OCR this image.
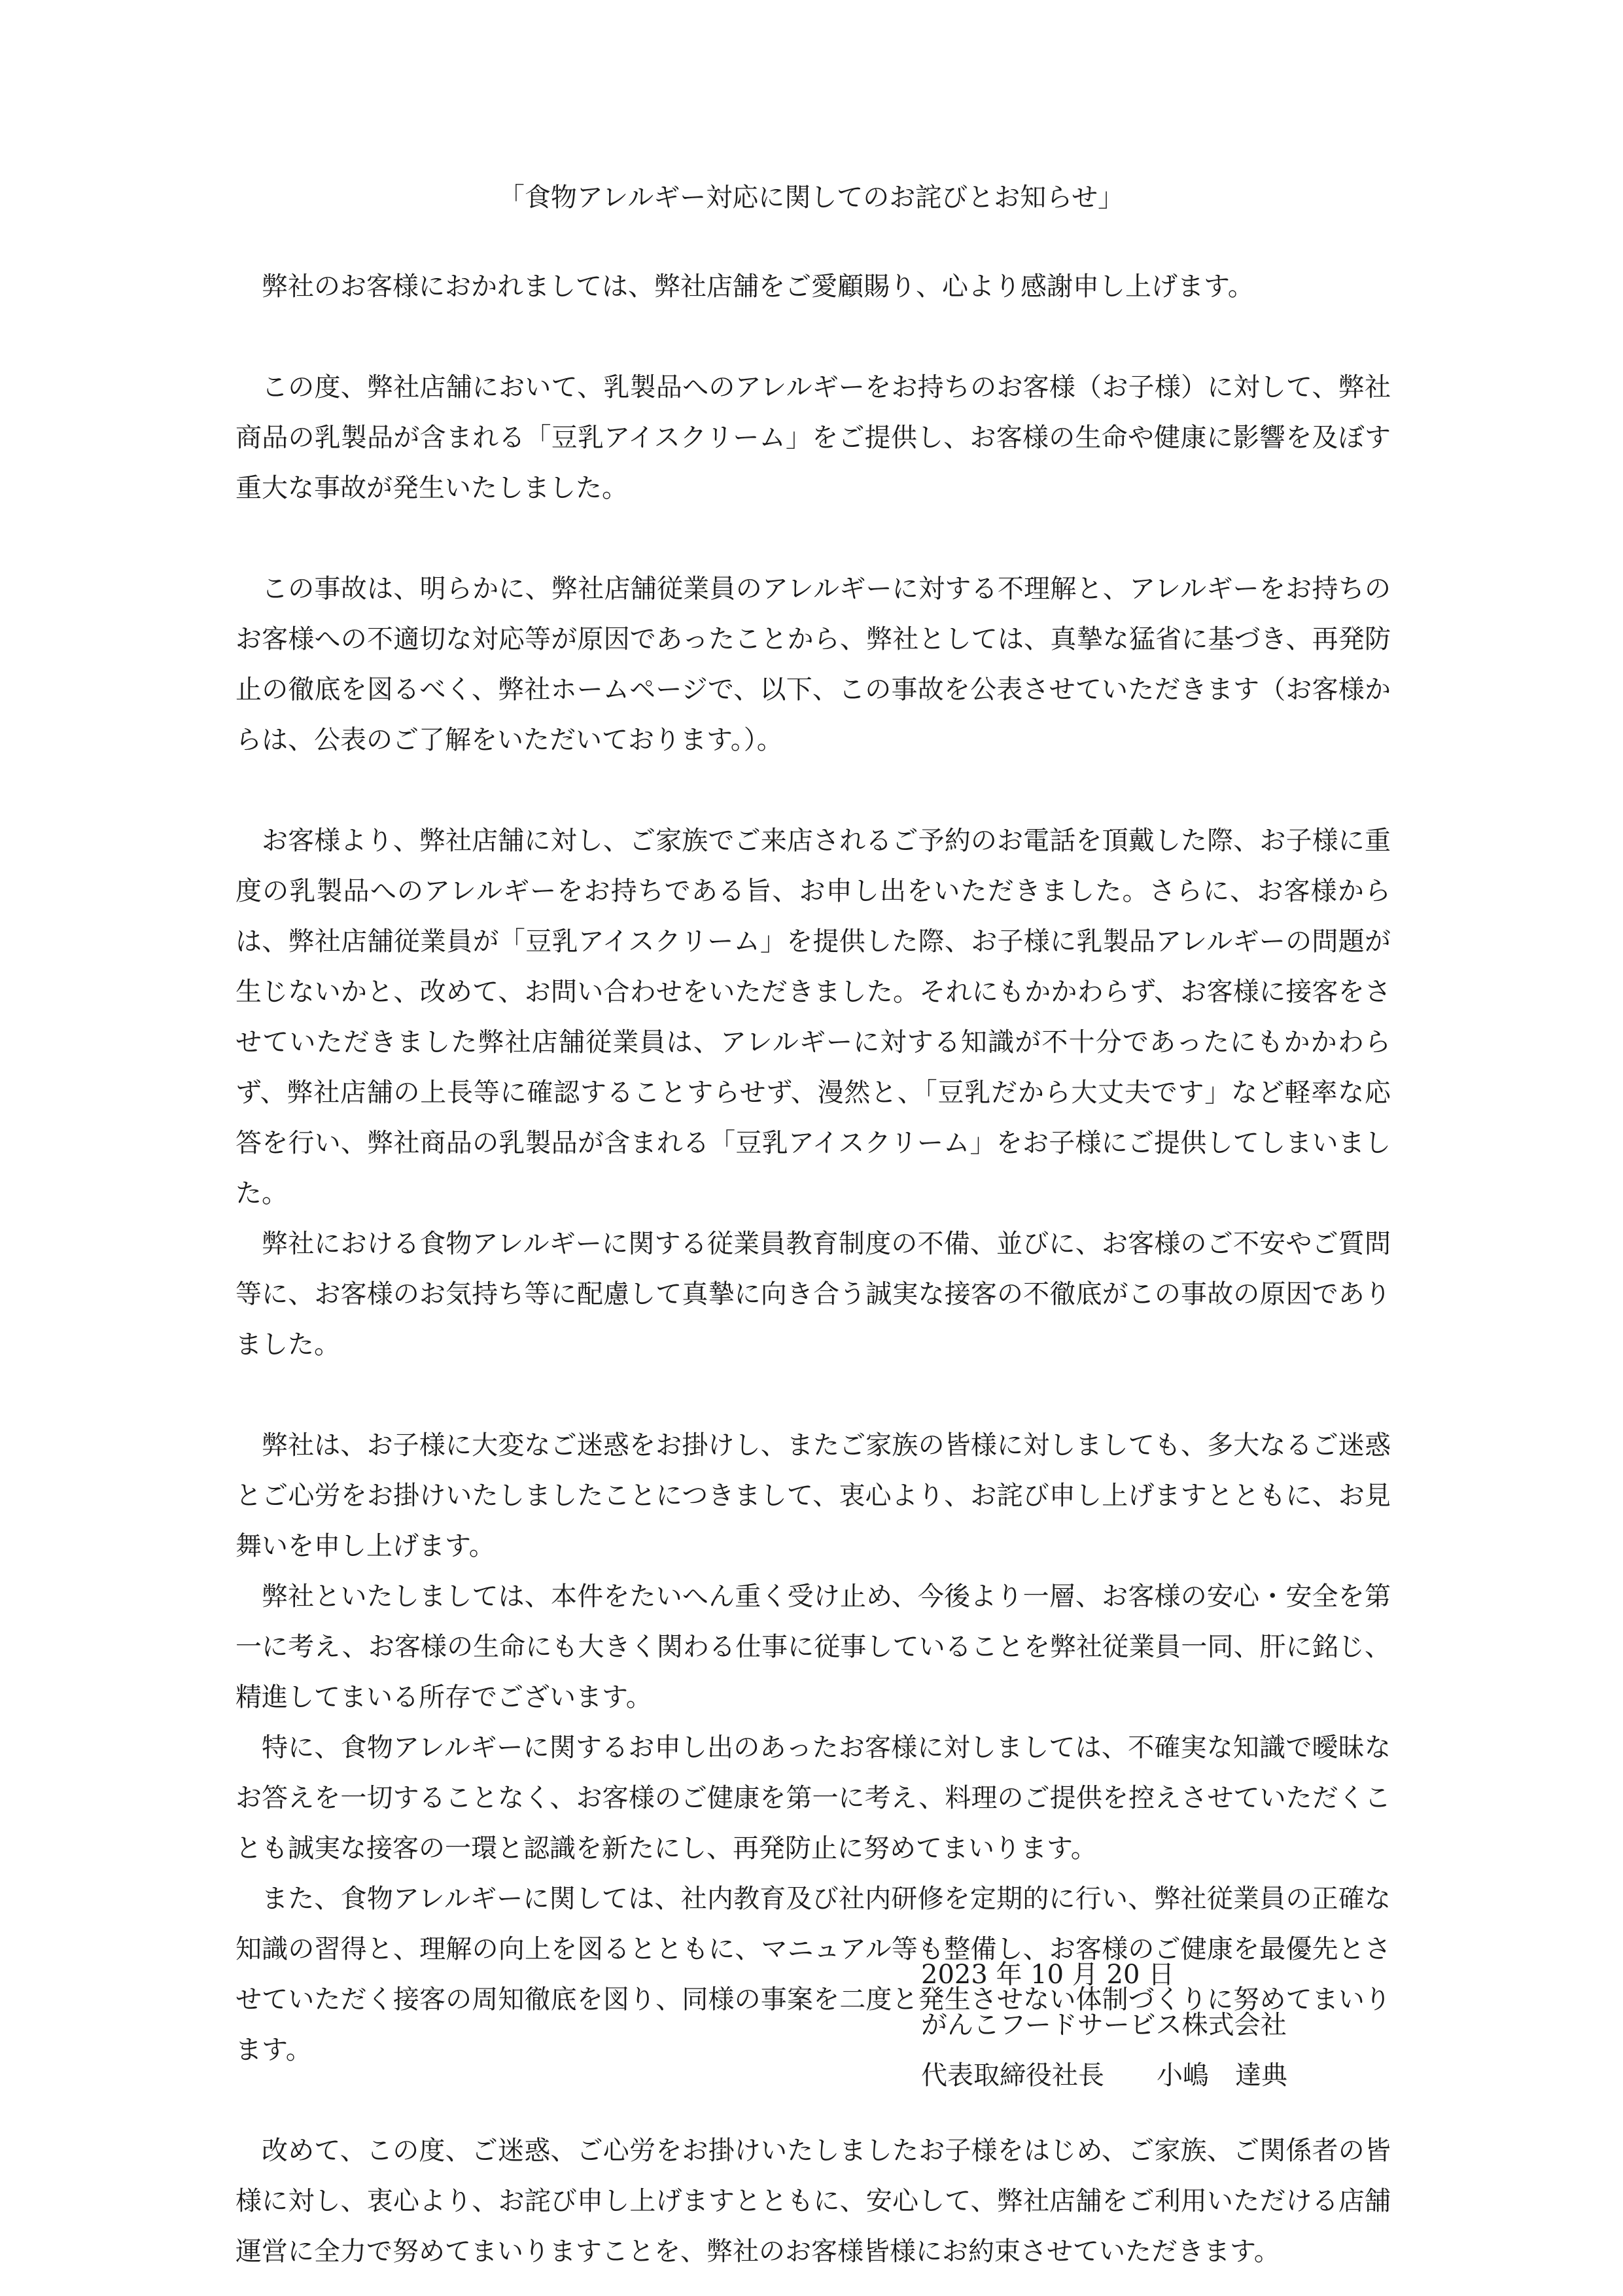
「食物アレルギー対応に関してのお詫びとお知らせ」

弊社のお客様におかれましては、弊社店舗をご愛顧賜り、心より感謝申し上げます。

この度、弊社店舗において、乳製品へのアレルギーをお持ちのお客様（お子様）に対して、弊社商品の乳製品が含まれる「豆乳アイスクリーム」をご提供し、お客様の生命や健康に影響を及ぼす重大な事故が発生いたしました。

この事故は、明らかに、弊社店舗従業員のアレルギーに対する不理解と、アレルギーをお持ちのお客様への不適切な対応等が原因であったことから、弊社としては、真摯な猛省に基づき、再発防止の徹底を図るべく、弊社ホームページで、以下、この事故を公表させていただきます（お客様からは、公表のご了解をいただいております。）。

お客様より、弊社店舗に対し、ご家族でご来店されるご予約のお電話を頂戴した際、お子様に重度の乳製品へのアレルギーをお持ちである旨、お申し出をいただきました。さらに、お客様からは、弊社店舗従業員が「豆乳アイスクリーム」を提供した際、お子様に乳製品アレルギーの問題が生じないかと、改めて、お問い合わせをいただきました。それにもかかわらず、お客様に接客をさせていただきました弊社店舗従業員は、アレルギーに対する知識が不十分であったにもかかわらず、弊社店舗の上長等に確認することすらせず、漫然と、「豆乳だから大丈夫です」など軽率な応答を行い、弊社商品の乳製品が含まれる「豆乳アイスクリーム」をお子様にご提供してしまいました。

弊社における食物アレルギーに関する従業員教育制度の不備、並びに、お客様のご不安やご質問等に、お客様のお気持ち等に配慮して真摯に向き合う誠実な接客の不徹底がこの事故の原因でありました。

弊社は、お子様に大変なご迷惑をお掛けし、またご家族の皆様に対しましても、多大なるご迷惑とご心労をお掛けいたしましたことにつきまして、衷心より、お詫び申し上げますとともに、お見舞いを申し上げます。

弊社といたしましては、本件をたいへん重く受け止め、今後より一層、お客様の安心・安全を第一に考え、お客様の生命にも大きく関わる仕事に従事していることを弊社従業員一同、肝に銘じ、精進してまいる所存でございます。

特に、食物アレルギーに関するお申し出のあったお客様に対しましては、不確実な知識で曖昧なお答えを一切することなく、お客様のご健康を第一に考え、料理のご提供を控えさせていただくことも誠実な接客の一環と認識を新たにし、再発防止に努めてまいります。

また、食物アレルギーに関しては、社内教育及び社内研修を定期的に行い、弊社従業員の正確な知識の習得と、理解の向上を図るとともに、マニュアル等も整備し、お客様のご健康を最優先とさせていただく接客の周知徹底を図り、同様の事案を二度と発生させない体制づくりに努めてまいります。

改めて、この度、ご迷惑、ご心労をお掛けいたしましたお子様をはじめ、ご家族、ご関係者の皆様に対し、衷心より、お詫び申し上げますとともに、安心して、弊社店舗をご利用いただける店舗運営に全力で努めてまいりますことを、弊社のお客様皆様にお約束させていただきます。

2023 年 10 月 20 日
がんこフードサービス株式会社
代表取締役社長　　小嶋　達典
